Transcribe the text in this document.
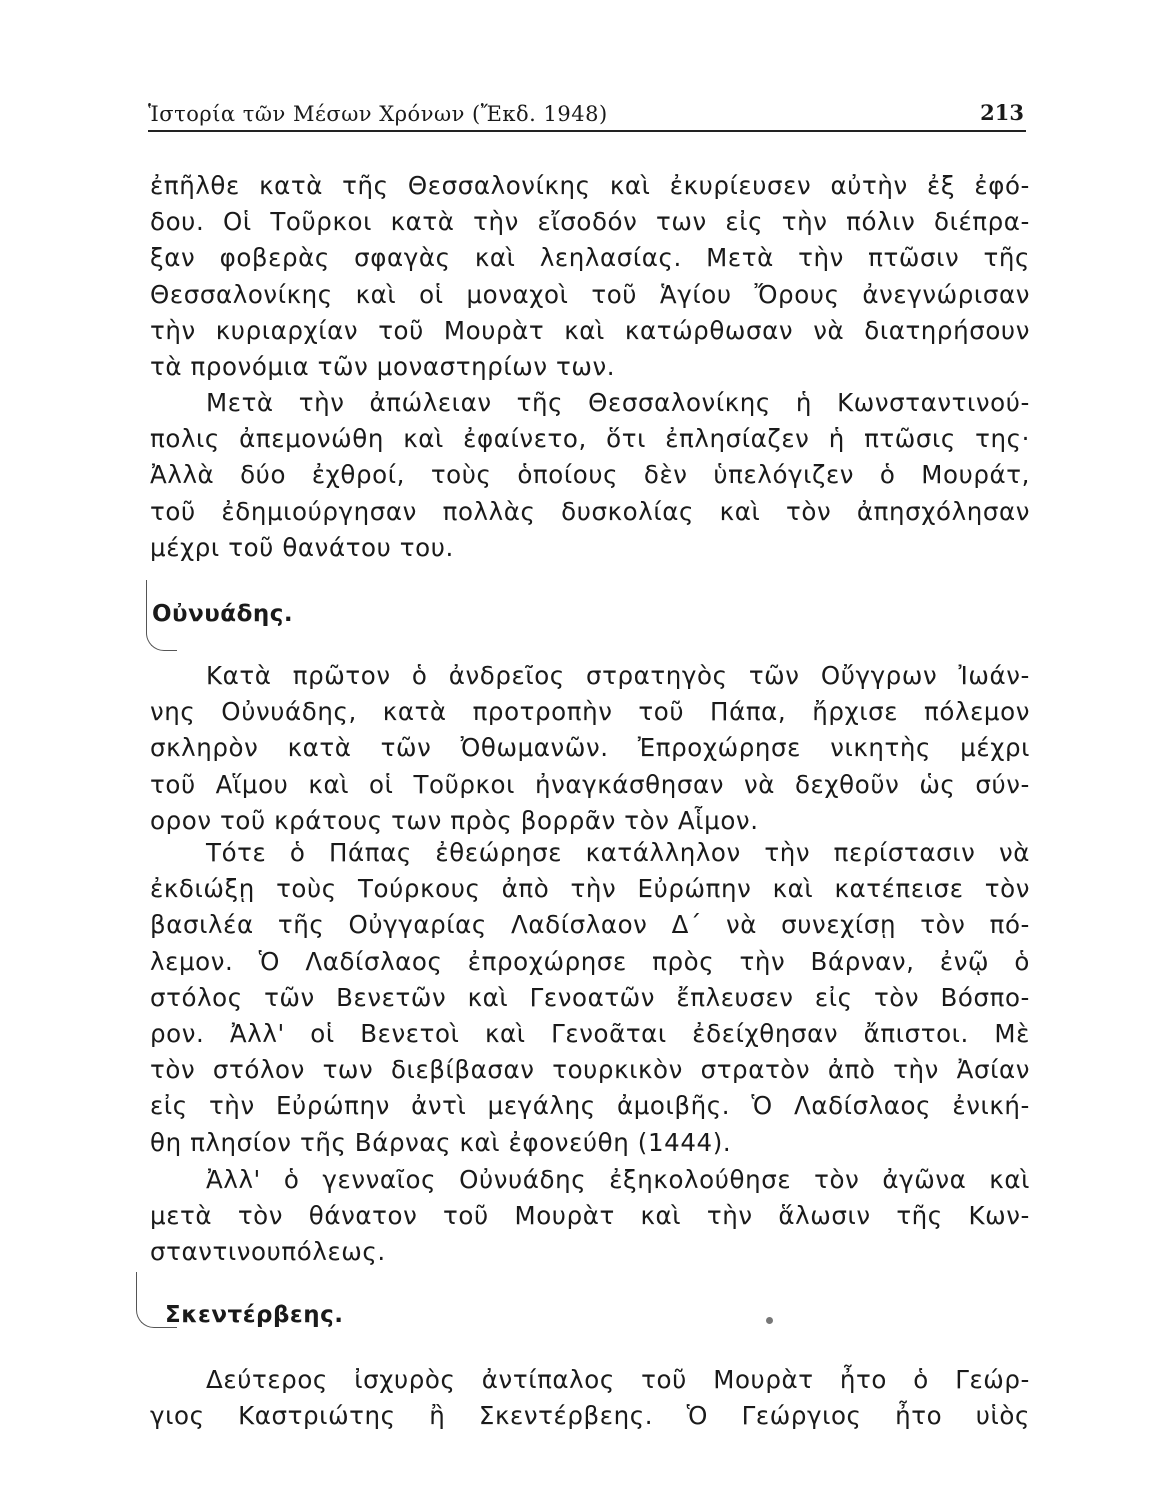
Ἱστορία τῶν Μέσων Χρόνων (Ἔκδ. 1948)	213
ἐπῆλθε κατὰ τῆς Θεσσαλονίκης καὶ ἐκυρίευσεν αὐτὴν ἐξ ἐφό-
δου. Οἱ Τοῦρκοι κατὰ τὴν εἴσοδόν των εἰς τὴν πόλιν διέπρα-
ξαν φοβερὰς σφαγὰς καὶ λεηλασίας. Μετὰ τὴν πτῶσιν τῆς
Θεσσαλονίκης καὶ οἱ μοναχοὶ τοῦ Ἁγίου Ὄρους ἀνεγνώρισαν
τὴν κυριαρχίαν τοῦ Μουρὰτ καὶ κατώρθωσαν νὰ διατηρήσουν
τὰ προνόμια τῶν μοναστηρίων των.
Μετὰ τὴν ἀπώλειαν τῆς Θεσσαλονίκης ἡ Κωνσταντινού-
πολις ἀπεμονώθη καὶ ἐφαίνετο, ὅτι ἐπλησίαζεν ἡ πτῶσις της·
Ἀλλὰ δύο ἐχθροί, τοὺς ὁποίους δὲν ὑπελόγιζεν ὁ Μουράτ,
τοῦ ἐδημιούργησαν πολλὰς δυσκολίας καὶ τὸν ἀπησχόλησαν
μέχρι τοῦ θανάτου του.
Οὐνυάδης.
Κατὰ πρῶτον ὁ ἀνδρεῖος στρατηγὸς τῶν Οὔγγρων Ἰωάν-
νης Οὐνυάδης, κατὰ προτροπὴν τοῦ Πάπα, ἤρχισε πόλεμον
σκληρὸν κατὰ τῶν Ὀθωμανῶν. Ἐπροχώρησε νικητὴς μέχρι
τοῦ Αἵμου καὶ οἱ Τοῦρκοι ἠναγκάσθησαν νὰ δεχθοῦν ὡς σύν-
ορον τοῦ κράτους των πρὸς βορρᾶν τὸν Αἷμον.
Τότε ὁ Πάπας ἐθεώρησε κατάλληλον τὴν περίστασιν νὰ
ἐκδιώξῃ τοὺς Τούρκους ἀπὸ τὴν Εὐρώπην καὶ κατέπεισε τὸν
βασιλέα τῆς Οὐγγαρίας Λαδίσλαον Δ΄ νὰ συνεχίσῃ τὸν πό-
λεμον. Ὁ Λαδίσλαος ἐπροχώρησε πρὸς τὴν Βάρναν, ἐνῷ ὁ
στόλος τῶν Βενετῶν καὶ Γενοατῶν ἔπλευσεν εἰς τὸν Βόσπο-
ρον. Ἀλλ' οἱ Βενετοὶ καὶ Γενοᾶται ἐδείχθησαν ἄπιστοι. Μὲ
τὸν στόλον των διεβίβασαν τουρκικὸν στρατὸν ἀπὸ τὴν Ἀσίαν
εἰς τὴν Εὐρώπην ἀντὶ μεγάλης ἀμοιβῆς. Ὁ Λαδίσλαος ἐνική-
θη πλησίον τῆς Βάρνας καὶ ἐφονεύθη (1444).
Ἀλλ' ὁ γενναῖος Οὐνυάδης ἐξηκολούθησε τὸν ἀγῶνα καὶ
μετὰ τὸν θάνατον τοῦ Μουρὰτ καὶ τὴν ἅλωσιν τῆς Κων-
σταντινουπόλεως.
Σκεντέρβεης.
Δεύτερος ἰσχυρὸς ἀντίπαλος τοῦ Μουρὰτ ἦτο ὁ Γεώρ-
γιος Καστριώτης ἢ Σκεντέρβεης. Ὁ Γεώργιος ἦτο υἱὸς
